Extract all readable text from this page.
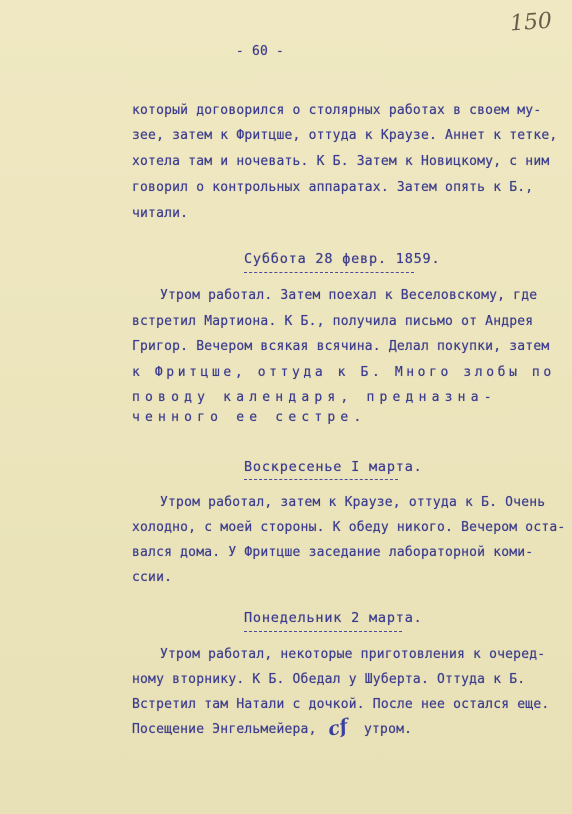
150
- 60 -
который договорился о столярных работах в своем му-
зее, затем к Фритцше, оттуда к Краузе. Аннет к тетке,
хотела там и ночевать. К Б. Затем к Новицкому, с ним
говорил о контрольных аппаратах. Затем опять к Б.,
читали.
Суббота 28 февр. 1859.
Утром работал. Затем поехал к Веселовскому, где
встретил Мартиона. К Б., получила письмо от Андрея
Григор. Вечером всякая всячина. Делал покупки, затем
к Фритцше, оттуда к Б. Много злобы по
поводу календаря, предназна-
ченного ее сестре.
Воскресенье I марта.
Утром работал, затем к Краузе, оттуда к Б. Очень
холодно, с моей стороны. К обеду никого. Вечером оста-
вался дома. У Фритцше заседание лабораторной коми-
ссии.
Понедельник 2 марта.
Утром работал, некоторые приготовления к очеред-
ному вторнику. К Б. Обедал у Шуберта. Оттуда к Б.
Встретил там Натали с дочкой. После нее остался еще.
Посещение Энгельмейера, cf утром.
